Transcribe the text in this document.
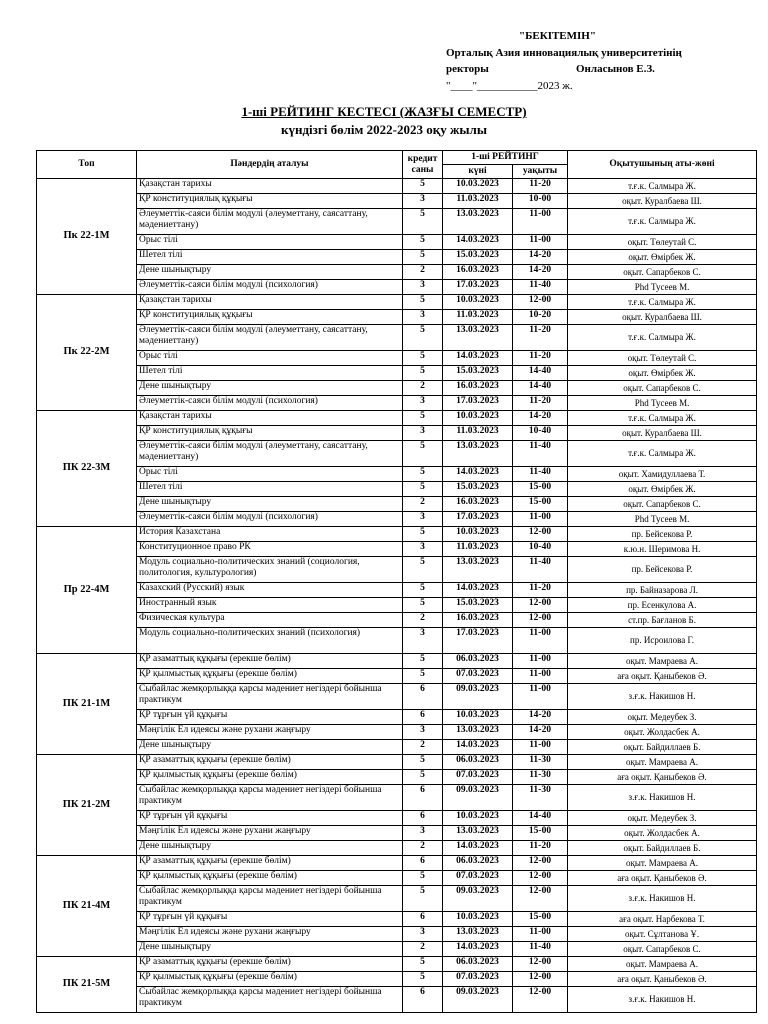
"БЕКІТЕМІН"
Орталық Азия инновациялық университетінің
ректоры	Онласынов Е.З.
"____"___________2023 ж.
1-ші РЕЙТИНГ КЕСТЕСІ (ЖАЗҒЫ СЕМЕСТР)
күндізгі бөлім 2022-2023 оқу жылы
Топ	Пәндердің аталуы	кредит саны	1-ші РЕЙТИНГ		Оқытушының аты-жөні
			күні	уақыты	
Пк 22-1М	Қазақстан тарихы	5	10.03.2023	11-20	т.ғ.к. Салмыра Ж.
	ҚР конституциялық құқығы	3	11.03.2023	10-00	оқыт. Куралбаева Ш.
	Әлеуметтік-саяси білім модулі (әлеуметтану, саясаттану, мәдениеттану)	5	13.03.2023	11-00	т.ғ.к. Салмыра Ж.
	Орыс тілі	5	14.03.2023	11-00	оқыт. Төлеутай С.
	Шетел тілі	5	15.03.2023	14-20	оқыт. Өмірбек Ж.
	Дене шынықтыру	2	16.03.2023	14-20	оқыт. Сапарбеков С.
	Әлеуметтік-саяси білім модулі (психология)	3	17.03.2023	11-40	Phd Тусеев М.
Пк 22-2М	Қазақстан тарихы	5	10.03.2023	12-00	т.ғ.к. Салмыра Ж.
	ҚР конституциялық құқығы	3	11.03.2023	10-20	оқыт. Куралбаева Ш.
	Әлеуметтік-саяси білім модулі (әлеуметтану, саясаттану, мәдениеттану)	5	13.03.2023	11-20	т.ғ.к. Салмыра Ж.
	Орыс тілі	5	14.03.2023	11-20	оқыт. Төлеутай С.
	Шетел тілі	5	15.03.2023	14-40	оқыт. Өмірбек Ж.
	Дене шынықтыру	2	16.03.2023	14-40	оқыт. Сапарбеков С.
	Әлеуметтік-саяси білім модулі (психология)	3	17.03.2023	11-20	Phd Тусеев М.
ПК 22-3М	Қазақстан тарихы	5	10.03.2023	14-20	т.ғ.к. Салмыра Ж.
	ҚР конституциялық құқығы	3	11.03.2023	10-40	оқыт. Куралбаева Ш.
	Әлеуметтік-саяси білім модулі (әлеуметтану, саясаттану, мәдениеттану)	5	13.03.2023	11-40	т.ғ.к. Салмыра Ж.
	Орыс тілі	5	14.03.2023	11-40	оқыт. Хамидуллаева Т.
	Шетел тілі	5	15.03.2023	15-00	оқыт. Өмірбек Ж.
	Дене шынықтыру	2	16.03.2023	15-00	оқыт. Сапарбеков С.
	Әлеуметтік-саяси білім модулі (психология)	3	17.03.2023	11-00	Phd Тусеев М.
Пр 22-4М	История Казахстана	5	10.03.2023	12-00	пр. Бейсекова Р.
	Конституционное право РК	3	11.03.2023	10-40	к.ю.н. Шеримова Н.
	Модуль социально-политических знаний (социология, политология, культурология)	5	13.03.2023	11-40	пр. Бейсекова Р.
	Казахский (Русский) язык	5	14.03.2023	11-20	пр. Байназарова Л.
	Иностранный язык	5	15.03.2023	12-00	пр. Есенкулова А.
	Физическая культура	2	16.03.2023	12-00	ст.пр. Бағланов Б.
	Модуль социально-политических знаний (психология)	3	17.03.2023	11-00	пр. Исроилова Г.
ПК 21-1М	ҚР азаматтық құқығы (ерекше бөлім)	5	06.03.2023	11-00	оқыт. Мамраева А.
	ҚР қылмыстық құқығы (ерекше бөлім)	5	07.03.2023	11-00	аға оқыт. Қаныбеков Ә.
	Сыбайлас жемқорлыққа қарсы мәдениет негіздері бойынша практикум	6	09.03.2023	11-00	з.ғ.к. Накишов Н.
	ҚР тұрғын үй құқығы	6	10.03.2023	14-20	оқыт. Медеубек З.
	Мәңгілік Ел идеясы және рухани жаңғыру	3	13.03.2023	14-20	оқыт. Жолдасбек А.
	Дене шынықтыру	2	14.03.2023	11-00	оқыт. Байдиллаев Б.
ПК 21-2М	ҚР азаматтық құқығы (ерекше бөлім)	5	06.03.2023	11-30	оқыт. Мамраева А.
	ҚР қылмыстық құқығы (ерекше бөлім)	5	07.03.2023	11-30	аға оқыт. Қаныбеков Ә.
	Сыбайлас жемқорлыққа қарсы мәдениет негіздері бойынша практикум	6	09.03.2023	11-30	з.ғ.к. Накишов Н.
	ҚР тұрғын үй құқығы	6	10.03.2023	14-40	оқыт. Медеубек З.
	Мәңгілік Ел идеясы және рухани жаңғыру	3	13.03.2023	15-00	оқыт. Жолдасбек А.
	Дене шынықтыру	2	14.03.2023	11-20	оқыт. Байдиллаев Б.
ПК 21-4М	ҚР азаматтық құқығы (ерекше бөлім)	6	06.03.2023	12-00	оқыт. Мамраева А.
	ҚР қылмыстық құқығы (ерекше бөлім)	5	07.03.2023	12-00	аға оқыт. Қаныбеков Ә.
	Сыбайлас жемқорлыққа қарсы мәдениет негіздері бойынша практикум	5	09.03.2023	12-00	з.ғ.к. Накишов Н.
	ҚР тұрғын үй құқығы	6	10.03.2023	15-00	аға оқыт. Нарбекова Т.
	Мәңгілік Ел идеясы және рухани жаңғыру	3	13.03.2023	11-00	оқыт. Сұлтанова Ұ.
	Дене шынықтыру	2	14.03.2023	11-40	оқыт. Сапарбеков С.
ПК 21-5М	ҚР азаматтық құқығы (ерекше бөлім)	5	06.03.2023	12-00	оқыт. Мамраева А.
	ҚР қылмыстық құқығы (ерекше бөлім)	5	07.03.2023	12-00	аға оқыт. Қаныбеков Ә.
	Сыбайлас жемқорлыққа қарсы мәдениет негіздері бойынша практикум	6	09.03.2023	12-00	з.ғ.к. Накишов Н.
